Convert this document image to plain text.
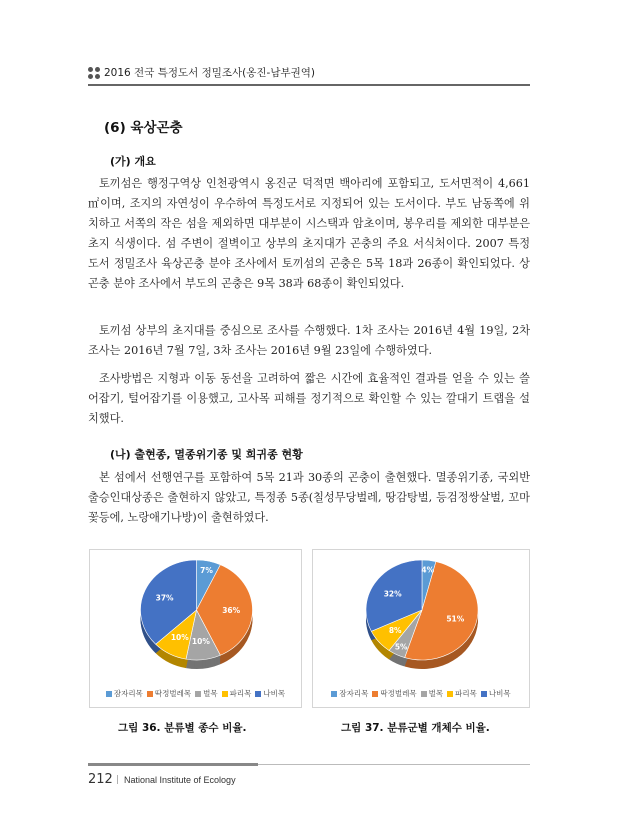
2016 전국 특정도서 정밀조사(옹진-남부권역)
(6) 육상곤충
(가) 개요

토끼섬은 행정구역상 인천광역시 옹진군 덕적면 백아리에 포함되고, 도서면적이 4,661 ㎡이며, 조지의 자연성이 우수하여 특정도서로 지정되어 있는 도서이다. 부도 남동쪽에 위치하고 서쪽의 작은 섬을 제외하면 대부분이 시스택과 암초이며, 봉우리를 제외한 대부분은 초지 식생이다. 섬 주변이 절벽이고 상부의 초지대가 곤충의 주요 서식처이다. 2007 특정도서 정밀조사 육상곤충 분야 조사에서 토끼섬의 곤충은 5목 18과 26종이 확인되었다. 상곤충 분야 조사에서 부도의 곤충은 9목 38과 68종이 확인되었다.

토끼섬 상부의 초지대를 중심으로 조사를 수행했다. 1차 조사는 2016년 4월 19일, 2차 조사는 2016년 7월 7일, 3차 조사는 2016년 9월 23일에 수행하였다.

조사방법은 지형과 이동 동선을 고려하여 짧은 시간에 효율적인 결과를 얻을 수 있는 쓸어잡기, 털어잡기를 이용했고, 고사목 피해를 정기적으로 확인할 수 있는 깔대기 트랩을 설치했다.

(나) 출현종, 멸종위기종 및 희귀종 현황

본 섬에서 선행연구를 포함하여 5목 21과 30종의 곤충이 출현했다. 멸종위기종, 국외반출승인대상종은 출현하지 않았고, 특정종 5종(칠성무당벌레, 땅감탕벌, 등검정쌍살벌, 꼬마꽃등에, 노랑애기나방)이 출현하였다.

7%
36%
10%
10%
37%
잠자리목 딱정벌레목 벌목 파리목 나비목
4%
51%
5%
8%
32%
잠자리목 딱정벌레목 벌목 파리목 나비목
그림 36. 분류별 종수 비율.	그림 37. 분류군별 개체수 비율.
212 | National Institute of Ecology
